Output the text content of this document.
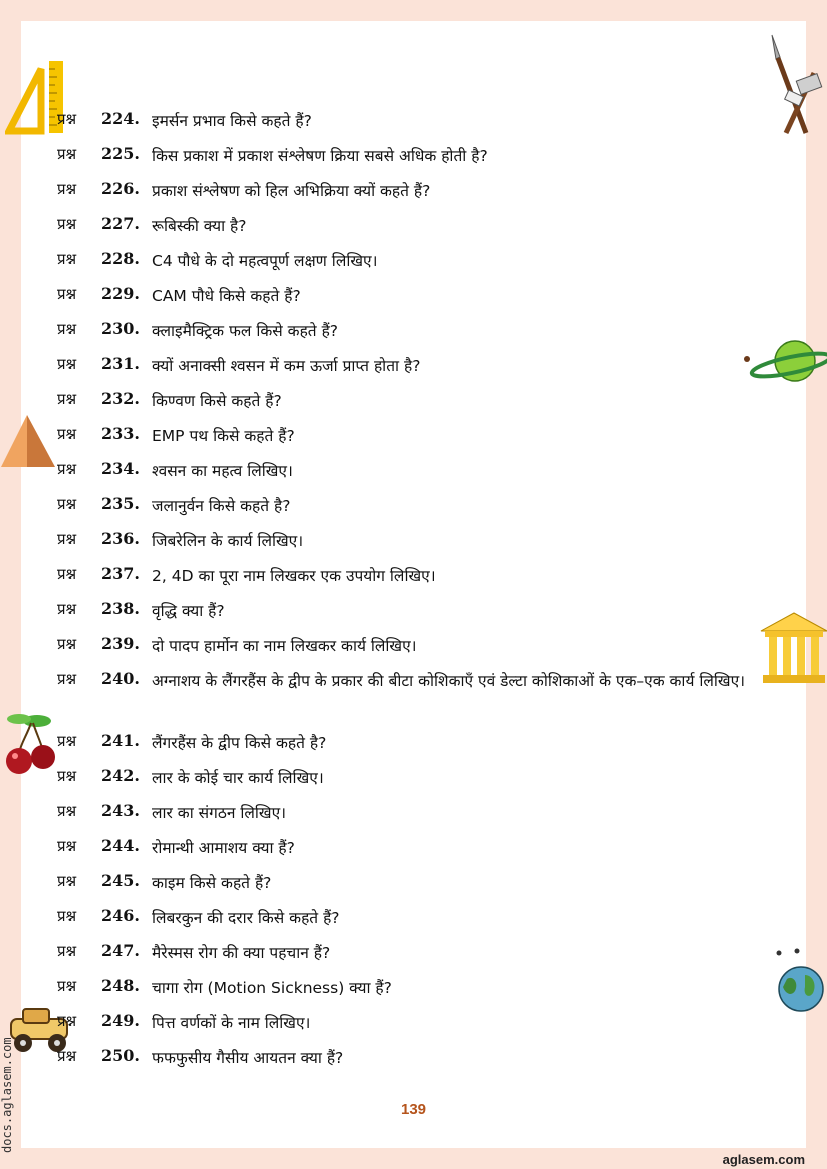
प्रश्न 224. इमर्सन प्रभाव किसे कहते हैं?
प्रश्न 225. किस प्रकाश में प्रकाश संश्लेषण क्रिया सबसे अधिक होती है?
प्रश्न 226. प्रकाश संश्लेषण को हिल अभिक्रिया क्यों कहते हैं?
प्रश्न 227. रूबिस्की क्या है?
प्रश्न 228. C4 पौधे के दो महत्वपूर्ण लक्षण लिखिए।
प्रश्न 229. CAM पौधे किसे कहते हैं?
प्रश्न 230. क्लाइमैक्ट्रिक फल किसे कहते हैं?
प्रश्न 231. क्यों अनाक्सी श्वसन में कम ऊर्जा प्राप्त होता है?
प्रश्न 232. किण्वण किसे कहते हैं?
प्रश्न 233. EMP पथ किसे कहते हैं?
प्रश्न 234. श्वसन का महत्व लिखिए।
प्रश्न 235. जलानुर्वन किसे कहते है?
प्रश्न 236. जिबरेलिन के कार्य लिखिए।
प्रश्न 237. 2, 4D का पूरा नाम लिखकर एक उपयोग लिखिए।
प्रश्न 238. वृद्धि क्या हैं?
प्रश्न 239. दो पादप हार्मोन का नाम लिखकर कार्य लिखिए।
प्रश्न 240. अग्नाशय के लैंगरहैंस के द्वीप के प्रकार की बीटा कोशिकाएँ एवं डेल्टा कोशिकाओं के एक–एक कार्य लिखिए।
प्रश्न 241. लैंगरहैंस के द्वीप किसे कहते है?
प्रश्न 242. लार के कोई चार कार्य लिखिए।
प्रश्न 243. लार का संगठन लिखिए।
प्रश्न 244. रोमान्थी आमाशय क्या हैं?
प्रश्न 245. काइम किसे कहते हैं?
प्रश्न 246. लिबरकुन की दरार किसे कहते हैं?
प्रश्न 247. मैरेस्मस रोग की क्या पहचान हैं?
प्रश्न 248. चागा रोग (Motion Sickness) क्या हैं?
प्रश्न 249. पित्त वर्णकों के नाम लिखिए।
प्रश्न 250. फफफुसीय गैसीय आयतन क्या हैं?
139
docs.aglasem.com
aglasem.com
